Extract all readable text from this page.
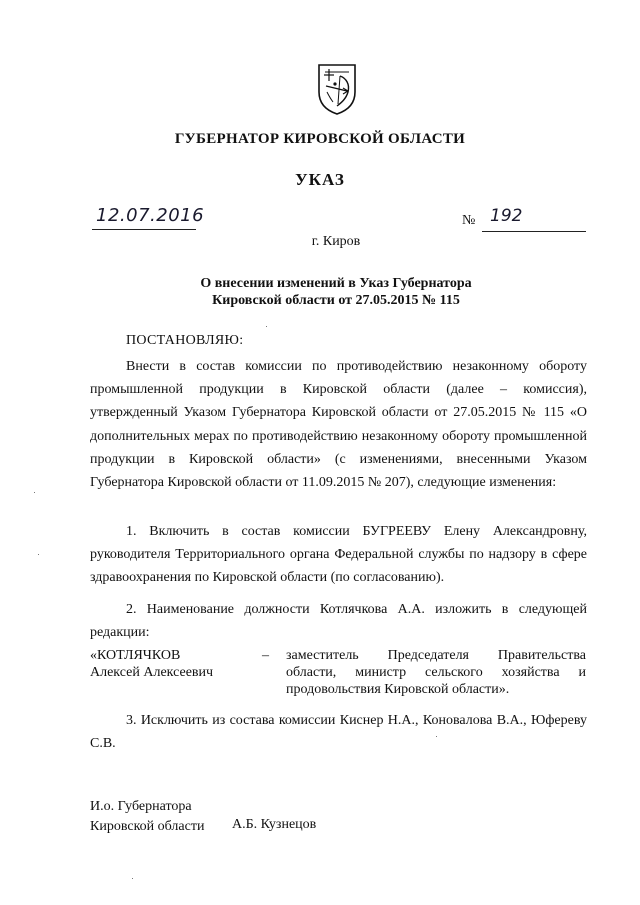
ГУБЕРНАТОР КИРОВСКОЙ ОБЛАСТИ
УКАЗ
12.07.2016	№ 192
г. Киров
О внесении изменений в Указ Губернатора
Кировской области от 27.05.2015 № 115
ПОСТАНОВЛЯЮ:
Внести в состав комиссии по противодействию незаконному обороту промышленной продукции в Кировской области (далее – комиссия), утвержденный Указом Губернатора Кировской области от 27.05.2015 № 115 «О дополнительных мерах по противодействию незаконному обороту промышленной продукции в Кировской области» (с изменениями, внесенными Указом Губернатора Кировской области от 11.09.2015 № 207), следующие изменения:
1. Включить в состав комиссии БУГРЕЕВУ Елену Александровну, руководителя Территориального органа Федеральной службы по надзору в сфере здравоохранения по Кировской области (по согласованию).
2. Наименование должности Котлячкова А.А. изложить в следующей редакции:
«КОТЛЯЧКОВ
Алексей Алексеевич
– заместитель Председателя Правительства области, министр сельского хозяйства и продовольствия Кировской области».
3. Исключить из состава комиссии Киснер Н.А., Коновалова В.А., Юфереву С.В.
И.о. Губернатора
Кировской области А.Б. Кузнецов
